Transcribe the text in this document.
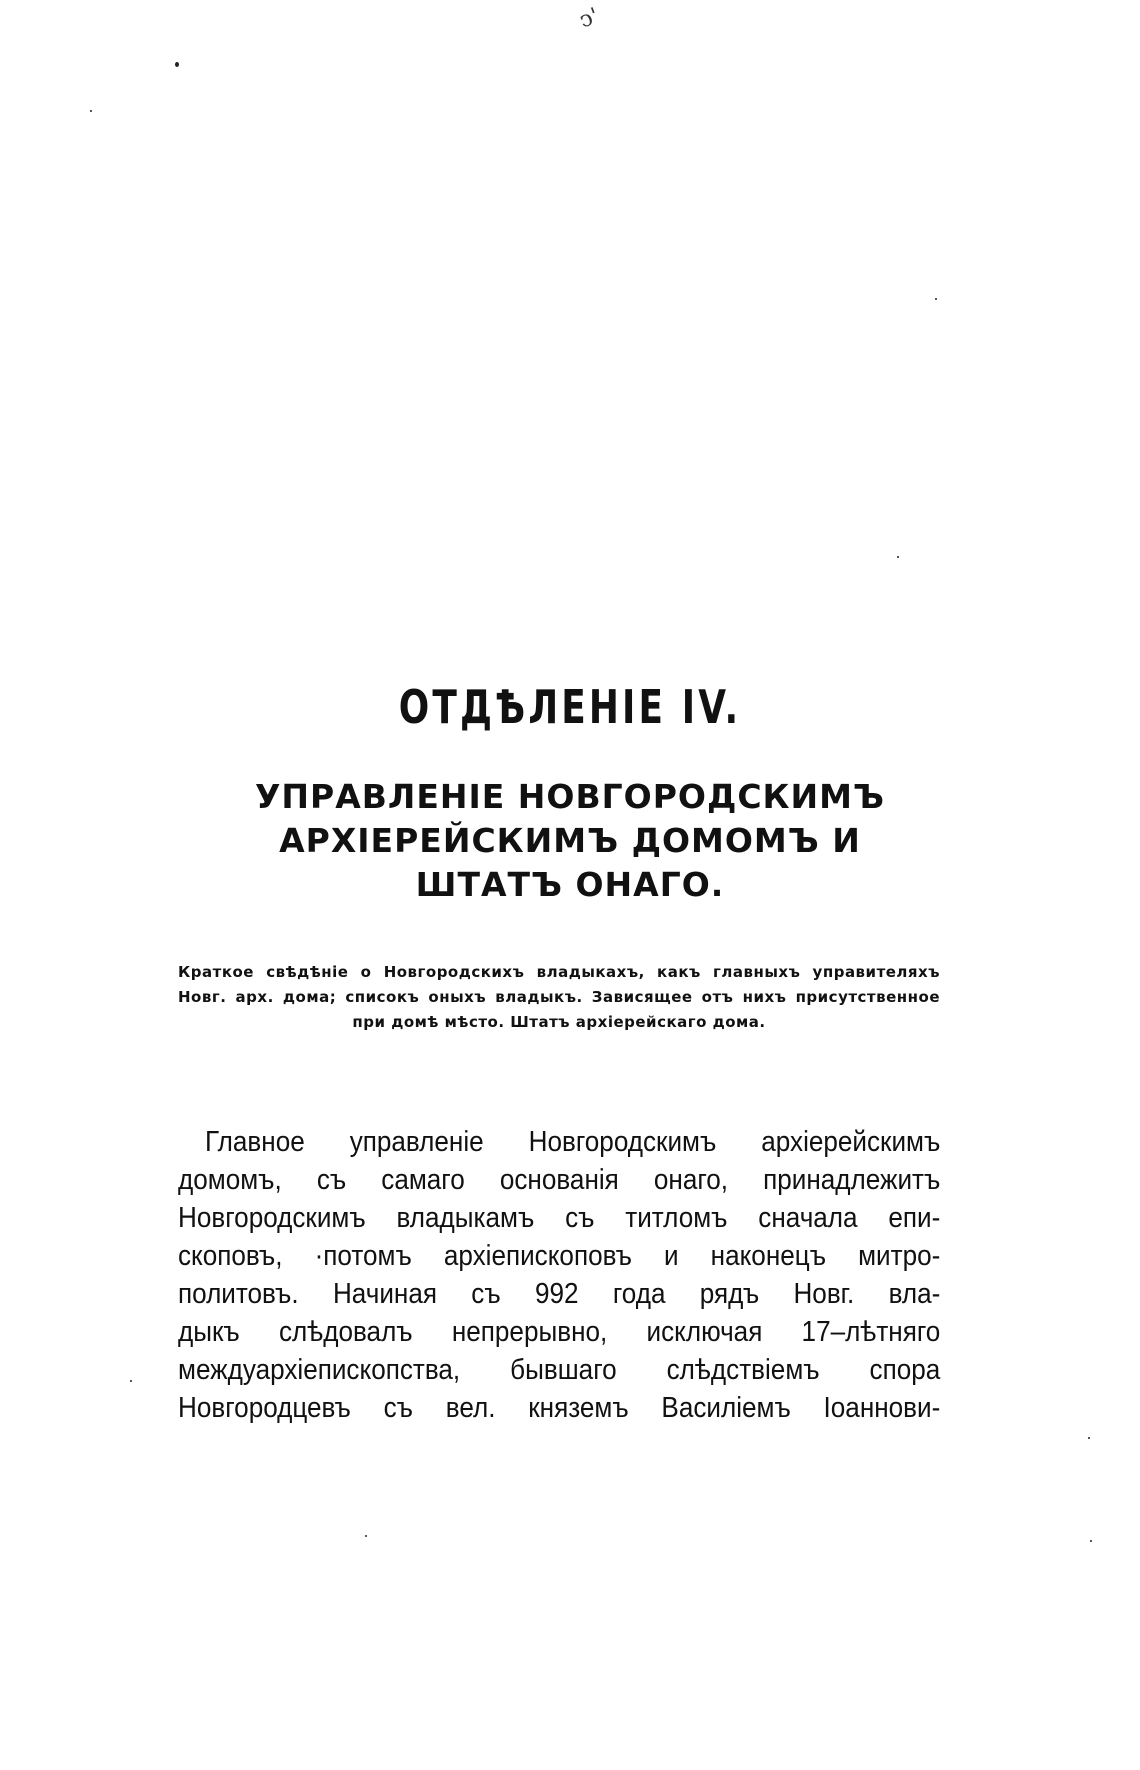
ↄ'
ОТДѢЛЕНІЕ IV.
УПРАВЛЕНІЕ НОВГОРОДСКИМЪ
АРХІЕРЕЙСКИМЪ ДОМОМЪ И
ШТАТЪ ОНАГО.
Краткое свѣдѣніе о Новгородскихъ владыкахъ, какъ главныхъ управителяхъ Новг. арх. дома; списокъ оныхъ владыкъ. Зависящее отъ нихъ присутственное при домѣ мѣсто. Штатъ архіерейскаго дома.
Главное управленіе Новгородскимъ архіерейскимъ
домомъ, съ самаго основанія онаго, принадлежитъ
Новгородскимъ владыкамъ съ титломъ сначала епи-
скоповъ, ·потомъ архіепископовъ и наконецъ митро-
политовъ. Начиная съ 992 года рядъ Новг. вла-
дыкъ слѣдовалъ непрерывно, исключая 17–лѣтняго
междуархіепископства, бывшаго слѣдствіемъ спора
Новгородцевъ съ вел. княземъ Василіемъ Іоаннови-
